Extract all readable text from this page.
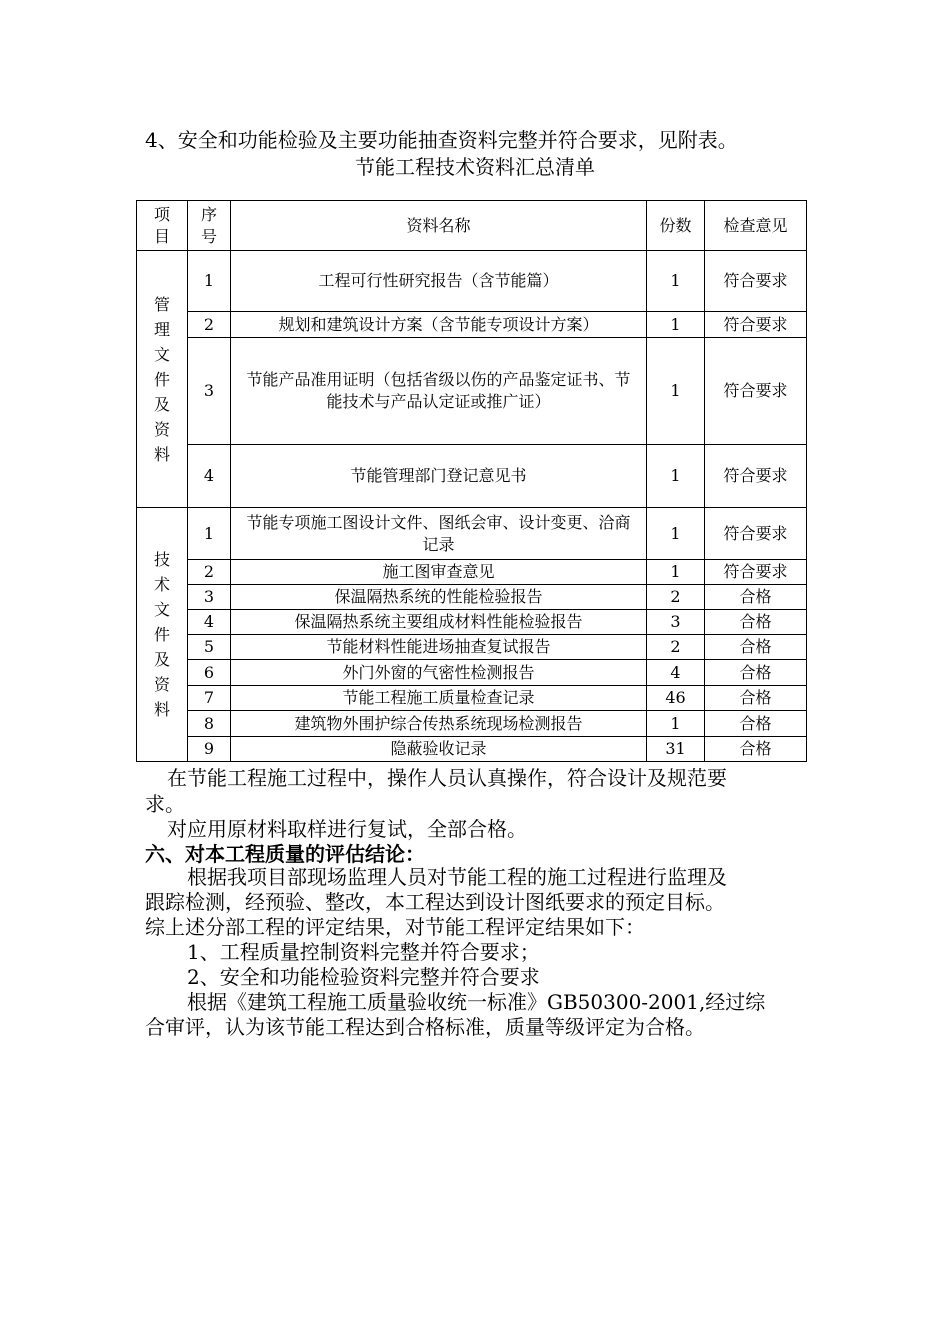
4、安全和功能检验及主要功能抽查资料完整并符合要求，见附表。
节能工程技术资料汇总清单
项目	序号	资料名称	份数	检查意见

管理文件及资料	1	工程可行性研究报告（含节能篇）	1	符合要求
	2	规划和建筑设计方案（含节能专项设计方案）	1	符合要求
	3	节能产品准用证明（包括省级以伤的产品鉴定证书、节能技术与产品认定证或推广证）	1	符合要求
	4	节能管理部门登记意见书	1	符合要求

技术文件及资料	1	节能专项施工图设计文件、图纸会审、设计变更、洽商记录	1	符合要求
	2	施工图审查意见	1	符合要求
	3	保温隔热系统的性能检验报告	2	合格
	4	保温隔热系统主要组成材料性能检验报告	3	合格
	5	节能材料性能进场抽查复试报告	2	合格
	6	外门外窗的气密性检测报告	4	合格
	7	节能工程施工质量检查记录	46	合格
	8	建筑物外围护综合传热系统现场检测报告	1	合格
	9	隐蔽验收记录	31	合格
在节能工程施工过程中，操作人员认真操作，符合设计及规范要
求。
对应用原材料取样进行复试，全部合格。
六、对本工程质量的评估结论：
根据我项目部现场监理人员对节能工程的施工过程进行监理及
跟踪检测，经预验、整改，本工程达到设计图纸要求的预定目标。
综上述分部工程的评定结果，对节能工程评定结果如下：
1、工程质量控制资料完整并符合要求；
2、安全和功能检验资料完整并符合要求
根据《建筑工程施工质量验收统一标准》GB50300-2001,经过综
合审评，认为该节能工程达到合格标准，质量等级评定为合格。
